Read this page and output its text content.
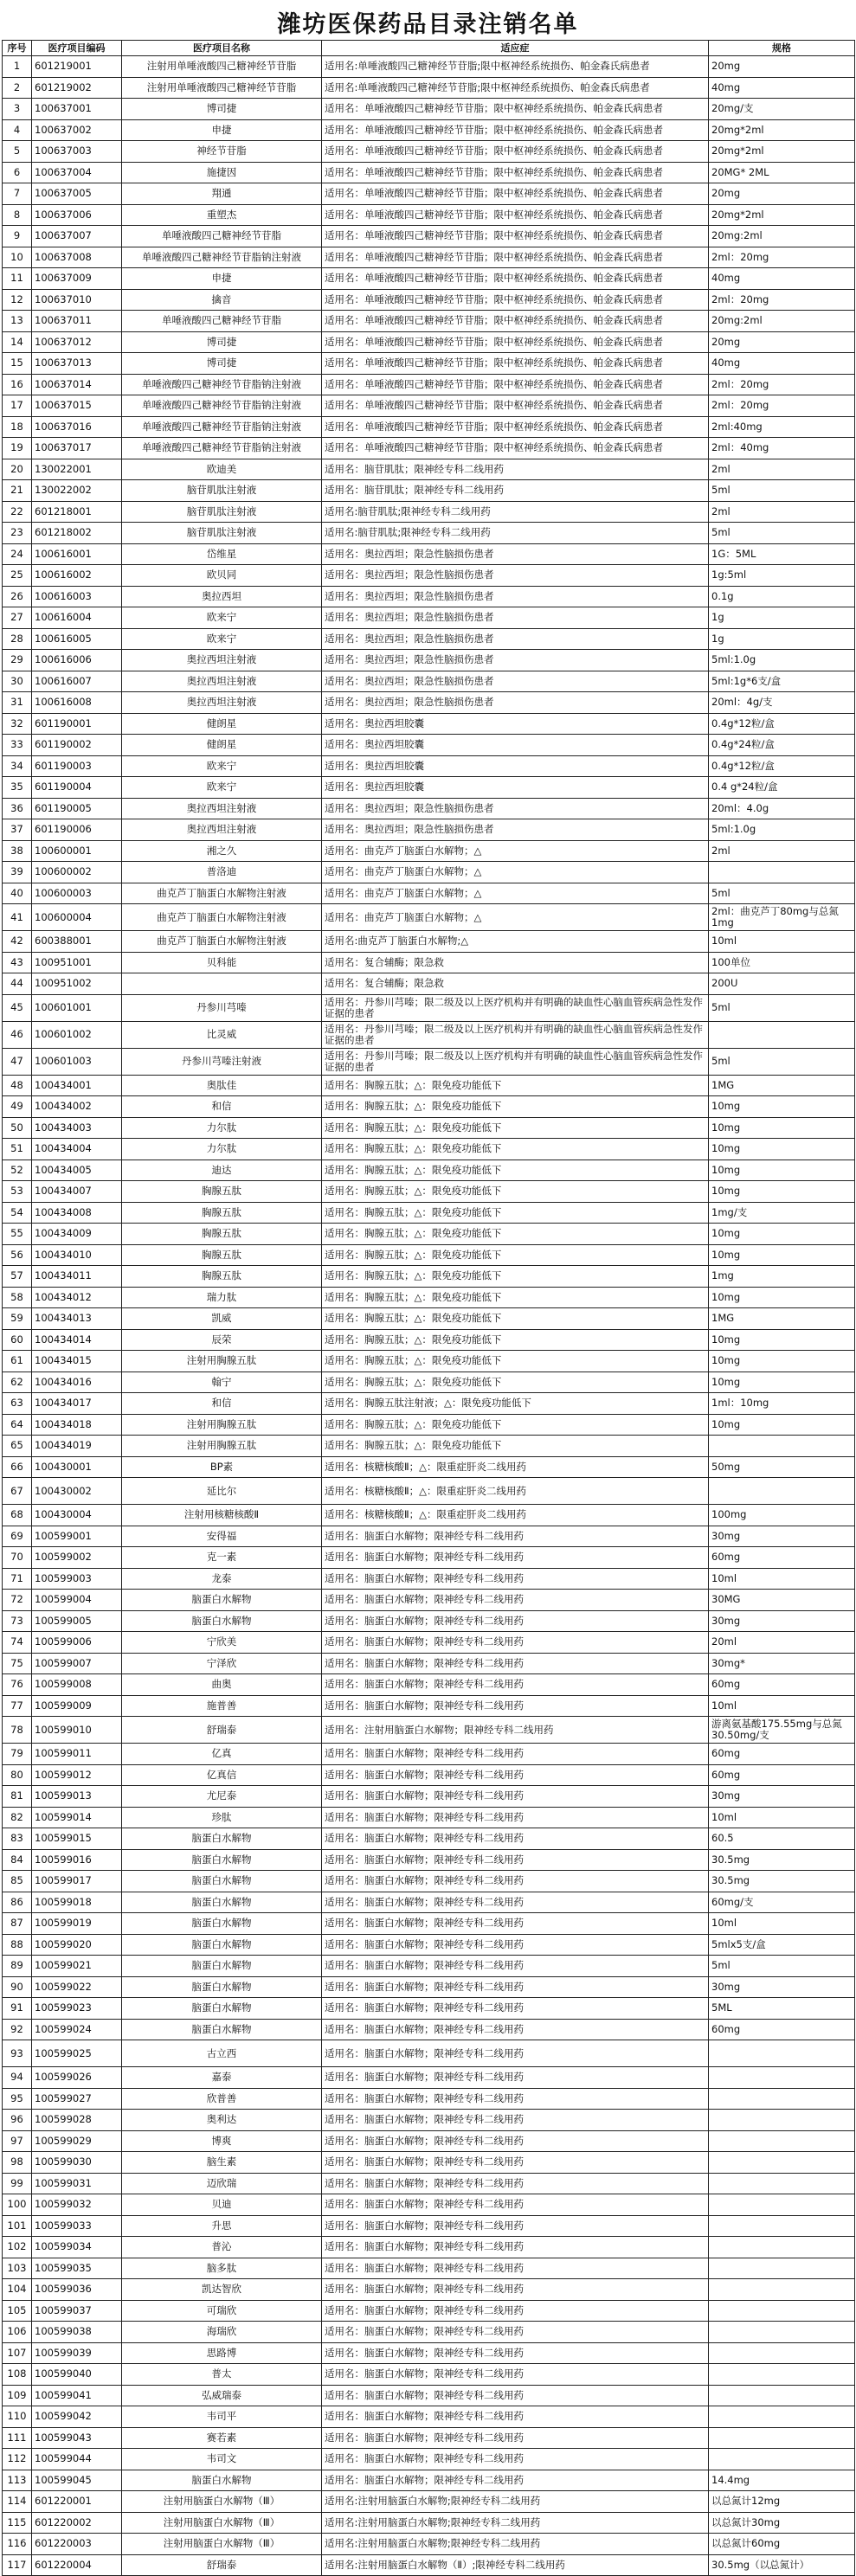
潍坊医保药品目录注销名单
序号	医疗项目编码	医疗项目名称	适应症	规格
1	601219001	注射用单唾液酸四己糖神经节苷脂	适用名:单唾液酸四己糖神经节苷脂;限中枢神经系统损伤、帕金森氏病患者	20mg
2	601219002	注射用单唾液酸四己糖神经节苷脂	适用名:单唾液酸四己糖神经节苷脂;限中枢神经系统损伤、帕金森氏病患者	40mg
3	100637001	博司捷	适用名：单唾液酸四己糖神经节苷脂；限中枢神经系统损伤、帕金森氏病患者	20mg/支
4	100637002	申捷	适用名：单唾液酸四己糖神经节苷脂；限中枢神经系统损伤、帕金森氏病患者	20mg*2ml
5	100637003	神经节苷脂	适用名：单唾液酸四己糖神经节苷脂；限中枢神经系统损伤、帕金森氏病患者	20mg*2ml
6	100637004	施捷因	适用名：单唾液酸四己糖神经节苷脂；限中枢神经系统损伤、帕金森氏病患者	20MG* 2ML
7	100637005	翔通	适用名：单唾液酸四己糖神经节苷脂；限中枢神经系统损伤、帕金森氏病患者	20mg
8	100637006	重塑杰	适用名：单唾液酸四己糖神经节苷脂；限中枢神经系统损伤、帕金森氏病患者	20mg*2ml
9	100637007	单唾液酸四己糖神经节苷脂	适用名：单唾液酸四己糖神经节苷脂；限中枢神经系统损伤、帕金森氏病患者	20mg:2ml
10	100637008	单唾液酸四己糖神经节苷脂钠注射液	适用名：单唾液酸四己糖神经节苷脂；限中枢神经系统损伤、帕金森氏病患者	2ml：20mg
11	100637009	申捷	适用名：单唾液酸四己糖神经节苷脂；限中枢神经系统损伤、帕金森氏病患者	40mg
12	100637010	擒音	适用名：单唾液酸四己糖神经节苷脂；限中枢神经系统损伤、帕金森氏病患者	2ml：20mg
13	100637011	单唾液酸四己糖神经节苷脂	适用名：单唾液酸四己糖神经节苷脂；限中枢神经系统损伤、帕金森氏病患者	20mg:2ml
14	100637012	博司捷	适用名：单唾液酸四己糖神经节苷脂；限中枢神经系统损伤、帕金森氏病患者	20mg
15	100637013	博司捷	适用名：单唾液酸四己糖神经节苷脂；限中枢神经系统损伤、帕金森氏病患者	40mg
16	100637014	单唾液酸四己糖神经节苷脂钠注射液	适用名：单唾液酸四己糖神经节苷脂；限中枢神经系统损伤、帕金森氏病患者	2ml：20mg
17	100637015	单唾液酸四己糖神经节苷脂钠注射液	适用名：单唾液酸四己糖神经节苷脂；限中枢神经系统损伤、帕金森氏病患者	2ml：20mg
18	100637016	单唾液酸四己糖神经节苷脂钠注射液	适用名：单唾液酸四己糖神经节苷脂；限中枢神经系统损伤、帕金森氏病患者	2ml:40mg
19	100637017	单唾液酸四己糖神经节苷脂钠注射液	适用名：单唾液酸四己糖神经节苷脂；限中枢神经系统损伤、帕金森氏病患者	2ml：40mg
20	130022001	欧迪美	适用名：脑苷肌肽；限神经专科二线用药	2ml
21	130022002	脑苷肌肽注射液	适用名：脑苷肌肽；限神经专科二线用药	5ml
22	601218001	脑苷肌肽注射液	适用名:脑苷肌肽;限神经专科二线用药	2ml
23	601218002	脑苷肌肽注射液	适用名:脑苷肌肽;限神经专科二线用药	5ml
24	100616001	岱维星	适用名：奥拉西坦；限急性脑损伤患者	1G：5ML
25	100616002	欧贝同	适用名：奥拉西坦；限急性脑损伤患者	1g:5ml
26	100616003	奥拉西坦	适用名：奥拉西坦；限急性脑损伤患者	0.1g
27	100616004	欧来宁	适用名：奥拉西坦；限急性脑损伤患者	1g
28	100616005	欧来宁	适用名：奥拉西坦；限急性脑损伤患者	1g
29	100616006	奥拉西坦注射液	适用名：奥拉西坦；限急性脑损伤患者	5ml:1.0g
30	100616007	奥拉西坦注射液	适用名：奥拉西坦；限急性脑损伤患者	5ml:1g*6支/盒
31	100616008	奥拉西坦注射液	适用名：奥拉西坦；限急性脑损伤患者	20ml：4g/支
32	601190001	健朗星	适用名：奥拉西坦胶囊	0.4g*12粒/盒
33	601190002	健朗星	适用名：奥拉西坦胶囊	0.4g*24粒/盒
34	601190003	欧来宁	适用名：奥拉西坦胶囊	0.4g*12粒/盒
35	601190004	欧来宁	适用名：奥拉西坦胶囊	0.4 g*24粒/盒
36	601190005	奥拉西坦注射液	适用名：奥拉西坦；限急性脑损伤患者	20ml：4.0g
37	601190006	奥拉西坦注射液	适用名：奥拉西坦；限急性脑损伤患者	5ml:1.0g
38	100600001	湘之久	适用名：曲克芦丁脑蛋白水解物；△	2ml
39	100600002	普洛迪	适用名：曲克芦丁脑蛋白水解物；△	
40	100600003	曲克芦丁脑蛋白水解物注射液	适用名：曲克芦丁脑蛋白水解物；△	5ml
41	100600004	曲克芦丁脑蛋白水解物注射液	适用名：曲克芦丁脑蛋白水解物；△	2ml：曲克芦丁80mg与总氮1mg
42	600388001	曲克芦丁脑蛋白水解物注射液	适用名:曲克芦丁脑蛋白水解物;△	10ml
43	100951001	贝科能	适用名：复合辅酶；限急救	100单位
44	100951002		适用名：复合辅酶；限急救	200U
45	100601001	丹参川芎嗪	适用名：丹参川芎嗪；限二级及以上医疗机构并有明确的缺血性心脑血管疾病急性发作证据的患者	5ml
46	100601002	比灵威	适用名：丹参川芎嗪；限二级及以上医疗机构并有明确的缺血性心脑血管疾病急性发作证据的患者	
47	100601003	丹参川芎嗪注射液	适用名：丹参川芎嗪；限二级及以上医疗机构并有明确的缺血性心脑血管疾病急性发作证据的患者	5ml
48	100434001	奥肽佳	适用名：胸腺五肽；△：限免疫功能低下	1MG
49	100434002	和信	适用名：胸腺五肽；△：限免疫功能低下	10mg
50	100434003	力尔肽	适用名：胸腺五肽；△：限免疫功能低下	10mg
51	100434004	力尔肽	适用名：胸腺五肽；△：限免疫功能低下	10mg
52	100434005	迪达	适用名：胸腺五肽；△：限免疫功能低下	10mg
53	100434007	胸腺五肽	适用名：胸腺五肽；△：限免疫功能低下	10mg
54	100434008	胸腺五肽	适用名：胸腺五肽；△：限免疫功能低下	1mg/支
55	100434009	胸腺五肽	适用名：胸腺五肽；△：限免疫功能低下	10mg
56	100434010	胸腺五肽	适用名：胸腺五肽；△：限免疫功能低下	10mg
57	100434011	胸腺五肽	适用名：胸腺五肽；△：限免疫功能低下	1mg
58	100434012	瑞力肽	适用名：胸腺五肽；△：限免疫功能低下	10mg
59	100434013	凯威	适用名：胸腺五肽；△：限免疫功能低下	1MG
60	100434014	辰荣	适用名：胸腺五肽；△：限免疫功能低下	10mg
61	100434015	注射用胸腺五肽	适用名：胸腺五肽；△：限免疫功能低下	10mg
62	100434016	翰宁	适用名：胸腺五肽；△：限免疫功能低下	10mg
63	100434017	和信	适用名：胸腺五肽注射液；△：限免疫功能低下	1ml：10mg
64	100434018	注射用胸腺五肽	适用名：胸腺五肽；△：限免疫功能低下	10mg
65	100434019	注射用胸腺五肽	适用名：胸腺五肽；△：限免疫功能低下	
66	100430001	BP素	适用名：核糖核酸Ⅱ；△：限重症肝炎二线用药	50mg
67	100430002	延比尔	适用名：核糖核酸Ⅱ；△：限重症肝炎二线用药	
68	100430004	注射用核糖核酸Ⅱ	适用名：核糖核酸Ⅱ；△：限重症肝炎二线用药	100mg
69	100599001	安得福	适用名：脑蛋白水解物；限神经专科二线用药	30mg
70	100599002	克一素	适用名：脑蛋白水解物；限神经专科二线用药	60mg
71	100599003	龙泰	适用名：脑蛋白水解物；限神经专科二线用药	10ml
72	100599004	脑蛋白水解物	适用名：脑蛋白水解物；限神经专科二线用药	30MG
73	100599005	脑蛋白水解物	适用名：脑蛋白水解物；限神经专科二线用药	30mg
74	100599006	宁欣美	适用名：脑蛋白水解物；限神经专科二线用药	20ml
75	100599007	宁泽欣	适用名：脑蛋白水解物；限神经专科二线用药	30mg*
76	100599008	曲奥	适用名：脑蛋白水解物；限神经专科二线用药	60mg
77	100599009	施普善	适用名：脑蛋白水解物；限神经专科二线用药	10ml
78	100599010	舒瑞泰	适用名：注射用脑蛋白水解物；限神经专科二线用药	游离氨基酸175.55mg与总氮30.50mg/支
79	100599011	亿真	适用名：脑蛋白水解物；限神经专科二线用药	60mg
80	100599012	亿真信	适用名：脑蛋白水解物；限神经专科二线用药	60mg
81	100599013	尤尼泰	适用名：脑蛋白水解物；限神经专科二线用药	30mg
82	100599014	珍肽	适用名：脑蛋白水解物；限神经专科二线用药	10ml
83	100599015	脑蛋白水解物	适用名：脑蛋白水解物；限神经专科二线用药	60.5
84	100599016	脑蛋白水解物	适用名：脑蛋白水解物；限神经专科二线用药	30.5mg
85	100599017	脑蛋白水解物	适用名：脑蛋白水解物；限神经专科二线用药	30.5mg
86	100599018	脑蛋白水解物	适用名：脑蛋白水解物；限神经专科二线用药	60mg/支
87	100599019	脑蛋白水解物	适用名：脑蛋白水解物；限神经专科二线用药	10ml
88	100599020	脑蛋白水解物	适用名：脑蛋白水解物；限神经专科二线用药	5mlx5支/盒
89	100599021	脑蛋白水解物	适用名：脑蛋白水解物；限神经专科二线用药	5ml
90	100599022	脑蛋白水解物	适用名：脑蛋白水解物；限神经专科二线用药	30mg
91	100599023	脑蛋白水解物	适用名：脑蛋白水解物；限神经专科二线用药	5ML
92	100599024	脑蛋白水解物	适用名：脑蛋白水解物；限神经专科二线用药	60mg
93	100599025	古立西	适用名：脑蛋白水解物；限神经专科二线用药	
94	100599026	嘉泰	适用名：脑蛋白水解物；限神经专科二线用药	
95	100599027	欣普善	适用名：脑蛋白水解物；限神经专科二线用药	
96	100599028	奥利达	适用名：脑蛋白水解物；限神经专科二线用药	
97	100599029	博爽	适用名：脑蛋白水解物；限神经专科二线用药	
98	100599030	脑生素	适用名：脑蛋白水解物；限神经专科二线用药	
99	100599031	迈欣瑞	适用名：脑蛋白水解物；限神经专科二线用药	
100	100599032	贝迪	适用名：脑蛋白水解物；限神经专科二线用药	
101	100599033	升思	适用名：脑蛋白水解物；限神经专科二线用药	
102	100599034	普沁	适用名：脑蛋白水解物；限神经专科二线用药	
103	100599035	脑多肽	适用名：脑蛋白水解物；限神经专科二线用药	
104	100599036	凯达智欣	适用名：脑蛋白水解物；限神经专科二线用药	
105	100599037	可瑞欣	适用名：脑蛋白水解物；限神经专科二线用药	
106	100599038	海瑞欣	适用名：脑蛋白水解物；限神经专科二线用药	
107	100599039	思路博	适用名：脑蛋白水解物；限神经专科二线用药	
108	100599040	普太	适用名：脑蛋白水解物；限神经专科二线用药	
109	100599041	弘威瑞泰	适用名：脑蛋白水解物；限神经专科二线用药	
110	100599042	韦司平	适用名：脑蛋白水解物；限神经专科二线用药	
111	100599043	赛若素	适用名：脑蛋白水解物；限神经专科二线用药	
112	100599044	韦司文	适用名：脑蛋白水解物；限神经专科二线用药	
113	100599045	脑蛋白水解物	适用名：脑蛋白水解物；限神经专科二线用药	14.4mg
114	601220001	注射用脑蛋白水解物（Ⅲ）	适用名:注射用脑蛋白水解物;限神经专科二线用药	以总氮计12mg
115	601220002	注射用脑蛋白水解物（Ⅲ）	适用名:注射用脑蛋白水解物;限神经专科二线用药	以总氮计30mg
116	601220003	注射用脑蛋白水解物（Ⅲ）	适用名:注射用脑蛋白水解物;限神经专科二线用药	以总氮计60mg
117	601220004	舒瑞泰	适用名:注射用脑蛋白水解物（Ⅱ）;限神经专科二线用药	30.5mg（以总氮计）
